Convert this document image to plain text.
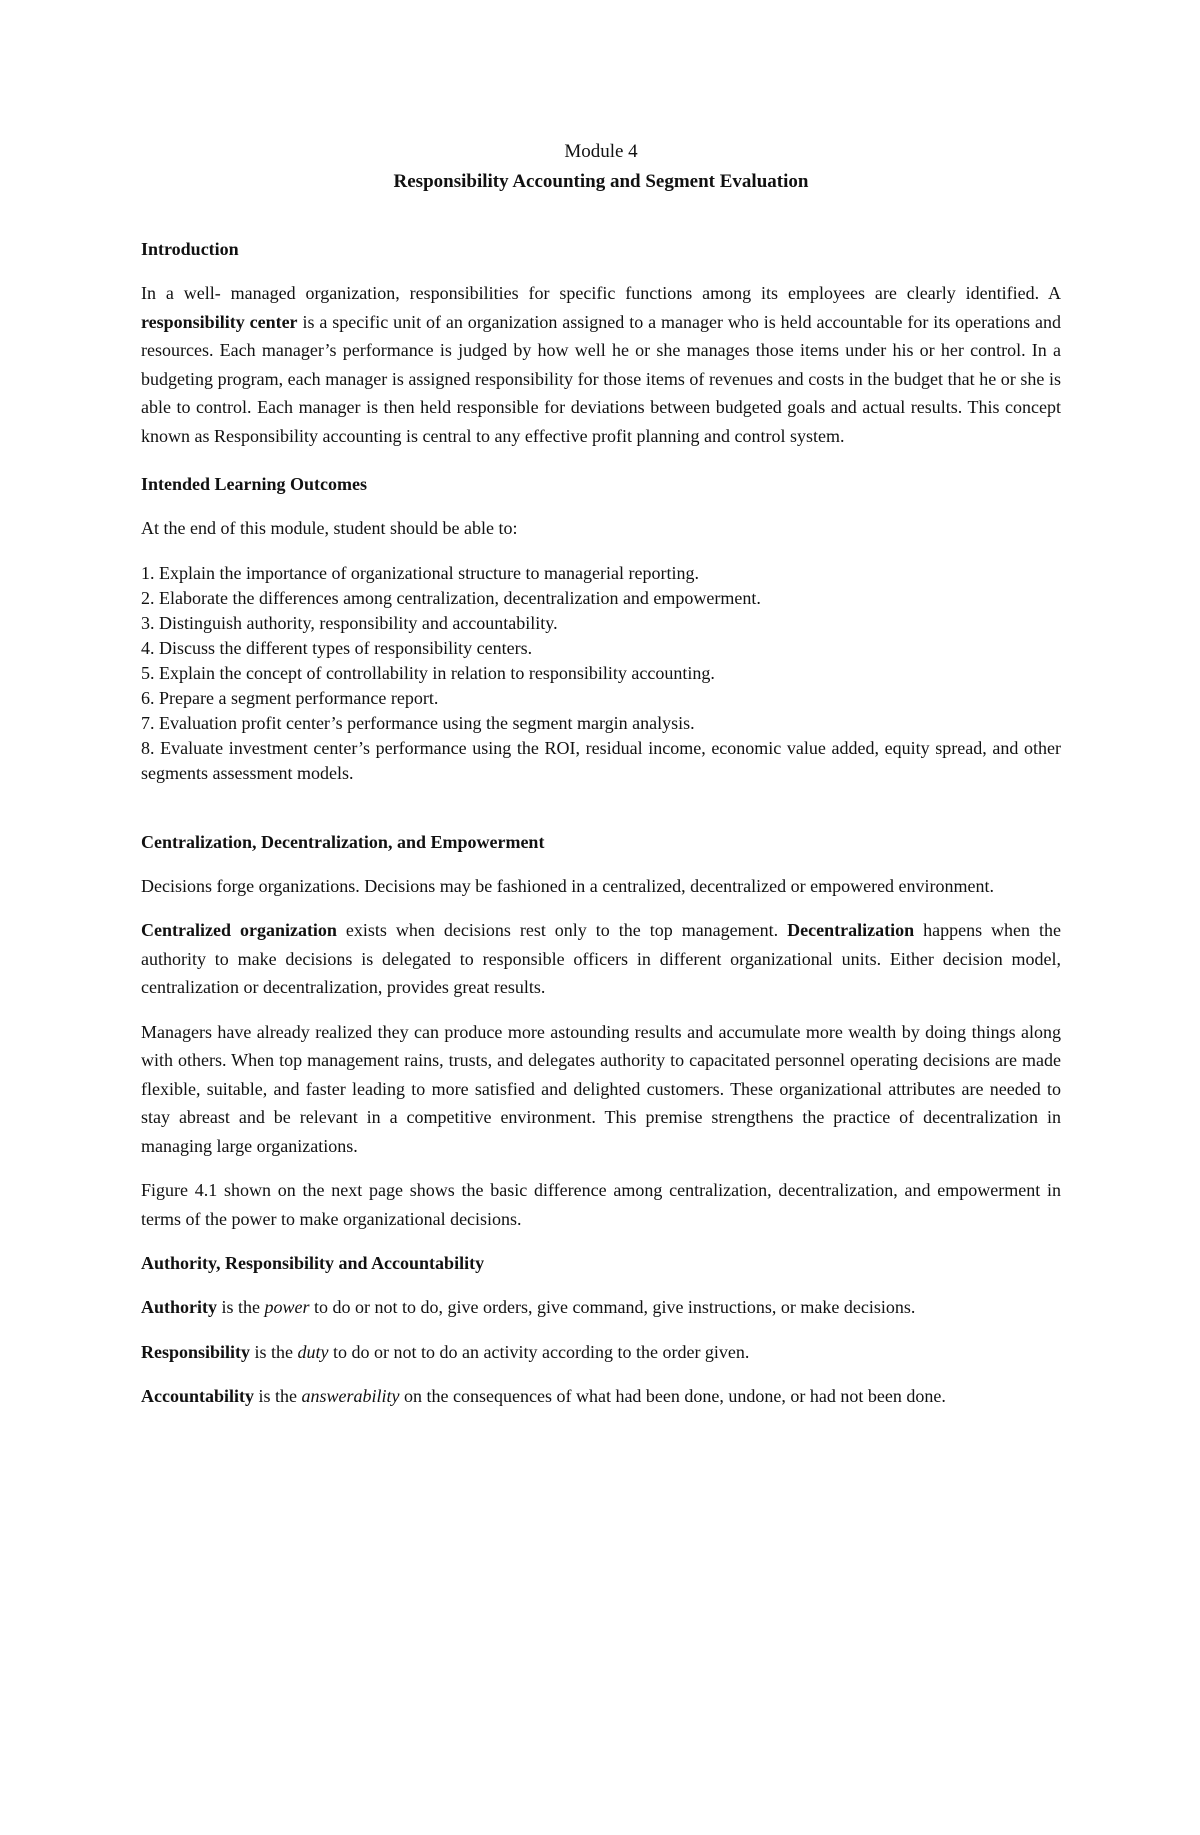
Module 4
Responsibility Accounting and Segment Evaluation
Introduction

In a well- managed organization, responsibilities for specific functions among its employees are clearly identified. A responsibility center is a specific unit of an organization assigned to a manager who is held accountable for its operations and resources. Each manager’s performance is judged by how well he or she manages those items under his or her control. In a budgeting program, each manager is assigned responsibility for those items of revenues and costs in the budget that he or she is able to control. Each manager is then held responsible for deviations between budgeted goals and actual results. This concept known as Responsibility accounting is central to any effective profit planning and control system.

Intended Learning Outcomes

At the end of this module, student should be able to:

1. Explain the importance of organizational structure to managerial reporting.
2. Elaborate the differences among centralization, decentralization and empowerment.
3. Distinguish authority, responsibility and accountability.
4. Discuss the different types of responsibility centers.
5. Explain the concept of controllability in relation to responsibility accounting.
6. Prepare a segment performance report.
7. Evaluation profit center’s performance using the segment margin analysis.
8. Evaluate investment center’s performance using the ROI, residual income, economic value added, equity spread, and other segments assessment models.
Centralization, Decentralization, and Empowerment

Decisions forge organizations. Decisions may be fashioned in a centralized, decentralized or empowered environment.

Centralized organization exists when decisions rest only to the top management. Decentralization happens when the authority to make decisions is delegated to responsible officers in different organizational units. Either decision model, centralization or decentralization, provides great results.

Managers have already realized they can produce more astounding results and accumulate more wealth by doing things along with others. When top management rains, trusts, and delegates authority to capacitated personnel operating decisions are made flexible, suitable, and faster leading to more satisfied and delighted customers. These organizational attributes are needed to stay abreast and be relevant in a competitive environment. This premise strengthens the practice of decentralization in managing large organizations.

Figure 4.1 shown on the next page shows the basic difference among centralization, decentralization, and empowerment in terms of the power to make organizational decisions.

Authority, Responsibility and Accountability

Authority is the power to do or not to do, give orders, give command, give instructions, or make decisions.

Responsibility is the duty to do or not to do an activity according to the order given.

Accountability is the answerability on the consequences of what had been done, undone, or had not been done.
